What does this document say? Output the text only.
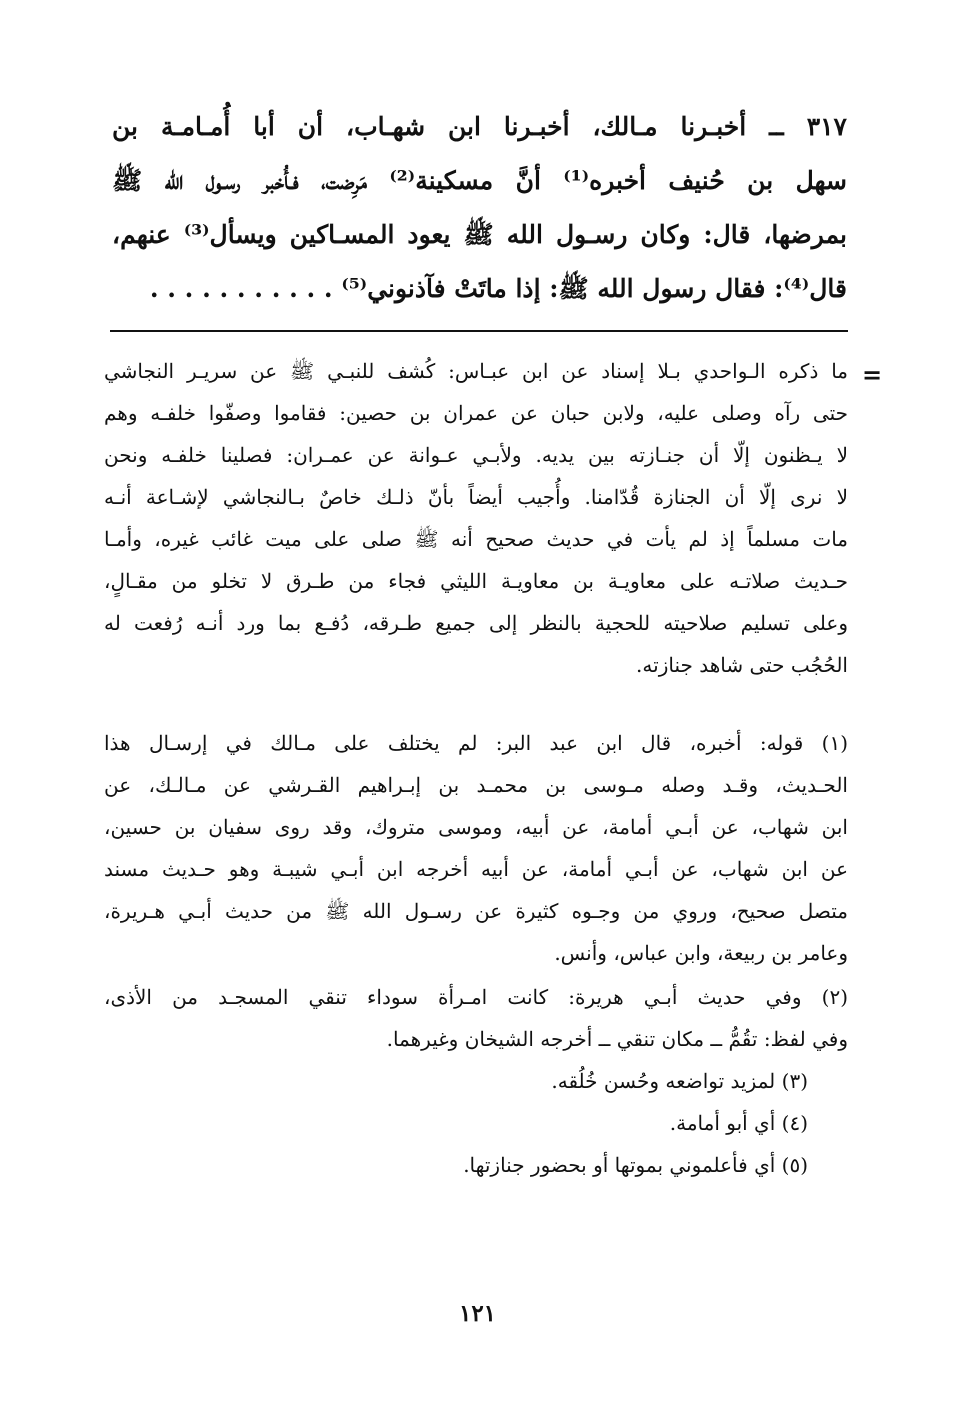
٣١٧ ــ أخبـرنا مـالك، أخبـرنا ابن شهـاب، أن أبا أُمـامـة بن
سهل بن حُنيف أخبره⁽¹⁾ أنَّ مسكينة⁽²⁾ مَرِضت، فـأُخبر رسـول الله ﷺ
بمرضها، قال: وكان رسـول الله ﷺ يعود المسـاكين ويسأل⁽³⁾ عنهم،
قال⁽⁴⁾: فقال رسول الله ﷺ: إذا ماتَتْ فآذنوني⁽⁵⁾ . . . . . . . . . . .
=
ما ذكره الـواحدي بـلا إسناد عن ابن عبـاس: كُشف للنبـي ﷺ عن سريـر النجاشي
حتى رآه وصلى عليه، ولابن حبان عن عمران بن حصين: فقاموا وصفّوا خلفـه وهم
لا يـظنون إلّا أن جنـازته بين يديه. ولأبـي عـوانة عن عمـران: فصلينا خلفـه ونحن
لا نرى إلّا أن الجنازة قُدّامنا. وأُجيب أيضاً بأنّ ذلـك خاصٌ بـالنجاشي لإشـاعة أنـه
مات مسلماً إذ لم يأت في حديث صحيح أنه ﷺ صلى على ميت غائب غيره، وأمـا
حـديث صلاتـه على معاويـة بن معاويـة الليثي فجاء من طـرق لا تخلو من مقـالٍ،
وعلى تسليم صلاحيته للحجية بالنظر إلى جميع طـرقه، دُفـع بما ورد أنـه رُفعت له
الحُجُب حتى شاهد جنازته.
(١) قوله: أخبره، قال ابن عبد البر: لم يختلف على مـالك في إرسـال هذا
الحـديث، وقـد وصله مـوسى بن محمـد بن إبـراهيم القـرشي عن مـالـك، عن
ابن شهاب، عن أبـي أمامة، عن أبيه، وموسى متروك، وقد روى سفيان بن حسين،
عن ابن شهاب، عن أبـي أمامة، عن أبيه أخرجه ابن أبـي شيبـة وهو حـديث مسند
متصل صحيح، وروي من وجـوه كثيرة عن رسـول الله ﷺ من حديث أبـي هـريرة،
وعامر بن ربيعة، وابن عباس، وأنس.
(٢) وفي حديث أبـي هريرة: كانت امـرأة سوداء تنقي المسجـد من الأذى،
وفي لفظ: تقُمُّ ــ مكان تنقي ــ أخرجه الشيخان وغيرهما.
(٣) لمزيد تواضعه وحُسن خُلُقه.
(٤) أي أبو أمامة.
(٥) أي فأعلموني بموتها أو بحضور جنازتها.
١٢١
